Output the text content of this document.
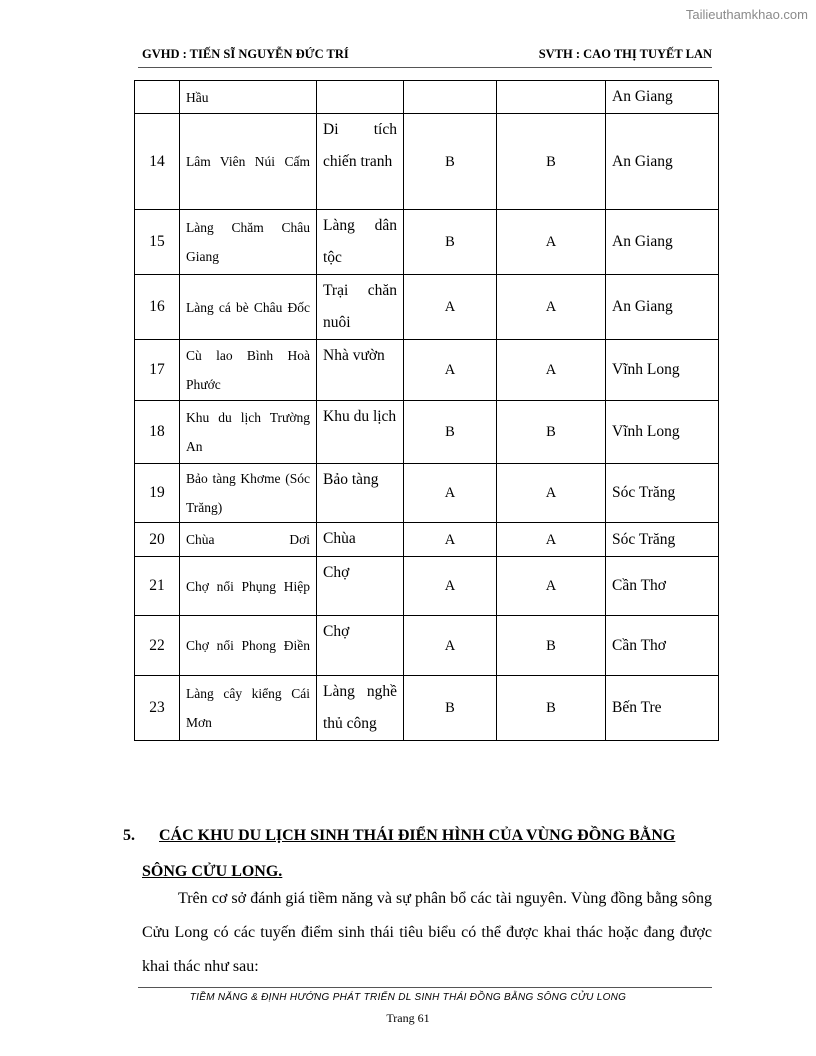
Tailieuthamkhao.com
GVHD : TIẾN SĨ NGUYỄN ĐỨC TRÍ	SVTH : CAO THỊ TUYẾT LAN
	Hầu				An Giang
14	Lâm Viên Núi Cấm	Di tích chiến tranh	B	B	An Giang
15	Làng Chăm Châu Giang	Làng dân tộc	B	A	An Giang
16	Làng cá bè Châu Đốc	Trại chăn nuôi	A	A	An Giang
17	Cù lao Bình Hoà Phước	Nhà vườn	A	A	Vĩnh Long
18	Khu du lịch Trường An	Khu du lịch	B	B	Vĩnh Long
19	Bảo tàng Khơme (Sóc Trăng)	Bảo tàng	A	A	Sóc Trăng
20	Chùa Dơi	Chùa	A	A	Sóc Trăng
21	Chợ nổi Phụng Hiệp	Chợ	A	A	Cần Thơ
22	Chợ nổi Phong Điền	Chợ	A	B	Cần Thơ
23	Làng cây kiểng Cái Mơn	Làng nghề thủ công	B	B	Bến Tre
5. CÁC KHU DU LỊCH SINH THÁI ĐIỂN HÌNH CỦA VÙNG ĐỒNG BẰNG
SÔNG CỬU LONG.

Trên cơ sở đánh giá tiềm năng và sự phân bổ các tài nguyên. Vùng đồng bằng sông Cửu Long có các tuyến điểm sinh thái tiêu biểu có thể được khai thác hoặc đang được khai thác như sau:

TIỀM NĂNG & ĐỊNH HƯỚNG PHÁT TRIỂN DL SINH THÁI ĐỒNG BẰNG SÔNG CỬU LONG
Trang 61
